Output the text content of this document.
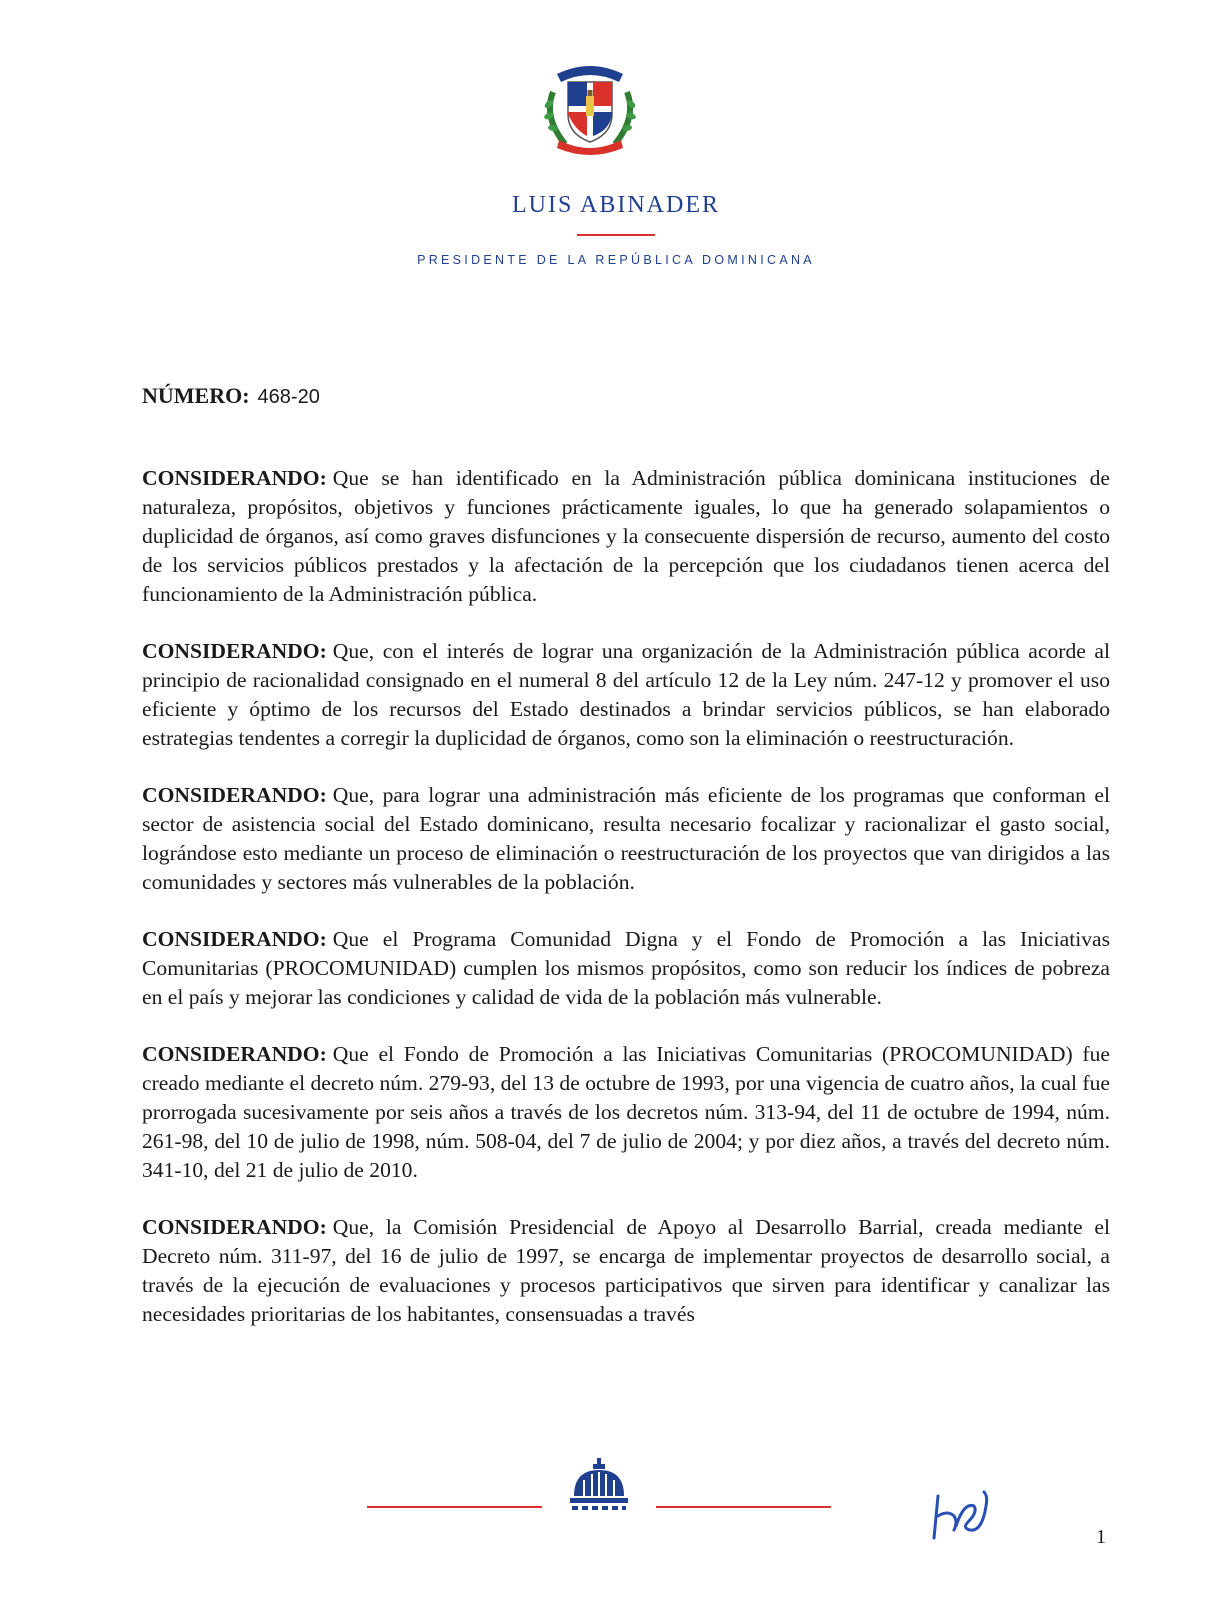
LUIS ABINADER
PRESIDENTE DE LA REPÚBLICA DOMINICANA
NÚMERO: 468-20

CONSIDERANDO: Que se han identificado en la Administración pública dominicana instituciones de naturaleza, propósitos, objetivos y funciones prácticamente iguales, lo que ha generado solapamientos o duplicidad de órganos, así como graves disfunciones y la consecuente dispersión de recurso, aumento del costo de los servicios públicos prestados y la afectación de la percepción que los ciudadanos tienen acerca del funcionamiento de la Administración pública.

CONSIDERANDO: Que, con el interés de lograr una organización de la Administración pública acorde al principio de racionalidad consignado en el numeral 8 del artículo 12 de la Ley núm. 247-12 y promover el uso eficiente y óptimo de los recursos del Estado destinados a brindar servicios públicos, se han elaborado estrategias tendentes a corregir la duplicidad de órganos, como son la eliminación o reestructuración.

CONSIDERANDO: Que, para lograr una administración más eficiente de los programas que conforman el sector de asistencia social del Estado dominicano, resulta necesario focalizar y racionalizar el gasto social, lográndose esto mediante un proceso de eliminación o reestructuración de los proyectos que van dirigidos a las comunidades y sectores más vulnerables de la población.

CONSIDERANDO: Que el Programa Comunidad Digna y el Fondo de Promoción a las Iniciativas Comunitarias (PROCOMUNIDAD) cumplen los mismos propósitos, como son reducir los índices de pobreza en el país y mejorar las condiciones y calidad de vida de la población más vulnerable.

CONSIDERANDO: Que el Fondo de Promoción a las Iniciativas Comunitarias (PROCOMUNIDAD) fue creado mediante el decreto núm. 279-93, del 13 de octubre de 1993, por una vigencia de cuatro años, la cual fue prorrogada sucesivamente por seis años a través de los decretos núm. 313-94, del 11 de octubre de 1994, núm. 261-98, del 10 de julio de 1998, núm. 508-04, del 7 de julio de 2004; y por diez años, a través del decreto núm. 341-10, del 21 de julio de 2010.

CONSIDERANDO: Que, la Comisión Presidencial de Apoyo al Desarrollo Barrial, creada mediante el Decreto núm. 311-97, del 16 de julio de 1997, se encarga de implementar proyectos de desarrollo social, a través de la ejecución de evaluaciones y procesos participativos que sirven para identificar y canalizar las necesidades prioritarias de los habitantes, consensuadas a través

1
